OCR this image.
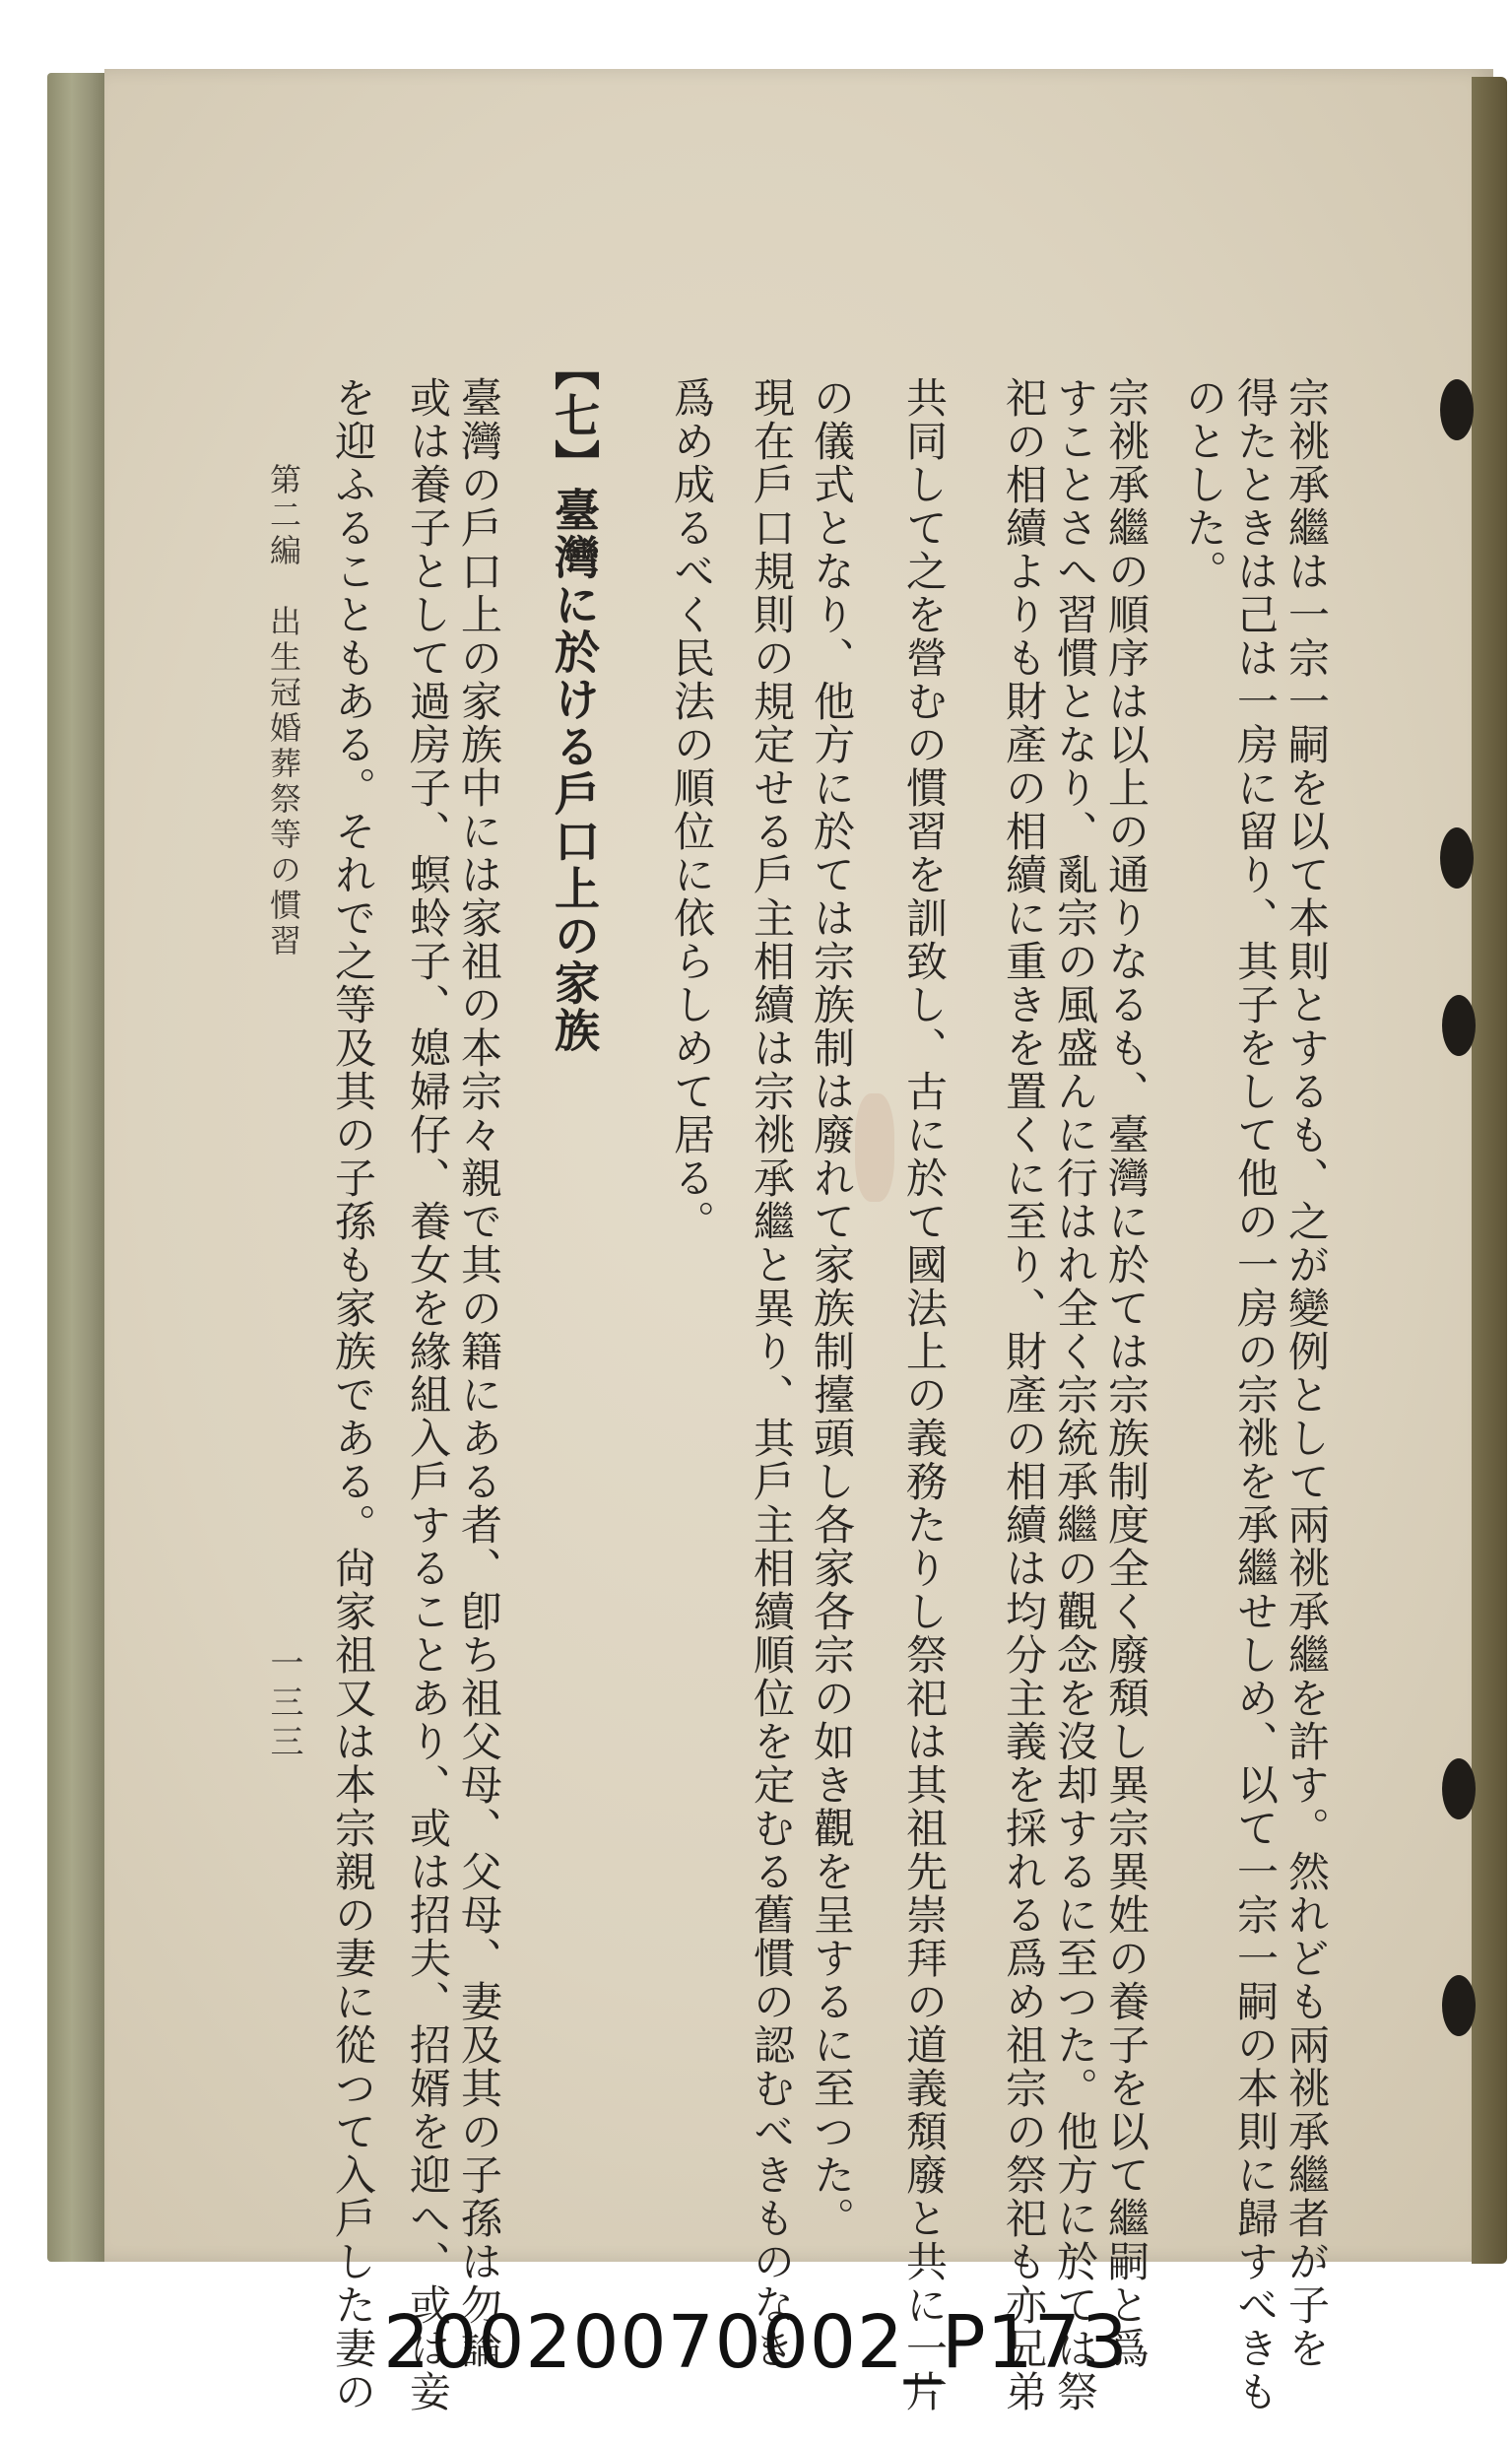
宗祧承繼は一宗一嗣を以て本則とするも、之が變例として兩祧承繼を許す。然れども兩祧承繼者が子を
得たときは己は一房に留り、其子をして他の一房の宗祧を承繼せしめ、以て一宗一嗣の本則に歸すべきも
のとした。
宗祧承繼の順序は以上の通りなるも、臺灣に於ては宗族制度全く廢頽し異宗異姓の養子を以て繼嗣と爲
すことさへ習慣となり、亂宗の風盛んに行はれ全く宗統承繼の觀念を沒却するに至つた。他方に於ては祭
祀の相續よりも財產の相續に重きを置くに至り、財產の相續は均分主義を採れる爲め祖宗の祭祀も亦兄弟
共同して之を營むの慣習を訓致し、古に於て國法上の義務たりし祭祀は其祖先崇拜の道義頽廢と共に一片
の儀式となり、他方に於ては宗族制は廢れて家族制擡頭し各家各宗の如き觀を呈するに至つた。
現在戶口規則の規定せる戶主相續は宗祧承繼と異り、其戶主相續順位を定むる舊慣の認むべきものなき
爲め成るべく民法の順位に依らしめて居る。
【七】臺灣に於ける戶口上の家族
臺灣の戶口上の家族中には家祖の本宗々親で其の籍にある者、卽ち祖父母、父母、妻及其の子孫は勿論
或は養子として過房子、螟蛉子、媳婦仔、養女を緣組入戶することあり、或は招夫、招婿を迎へ、或は妾
を迎ふることもある。それで之等及其の子孫も家族である。尙家祖又は本宗親の妻に從つて入戶した妻の
第二編　出生冠婚葬祭等の慣習
一三三
20020070002_P173
